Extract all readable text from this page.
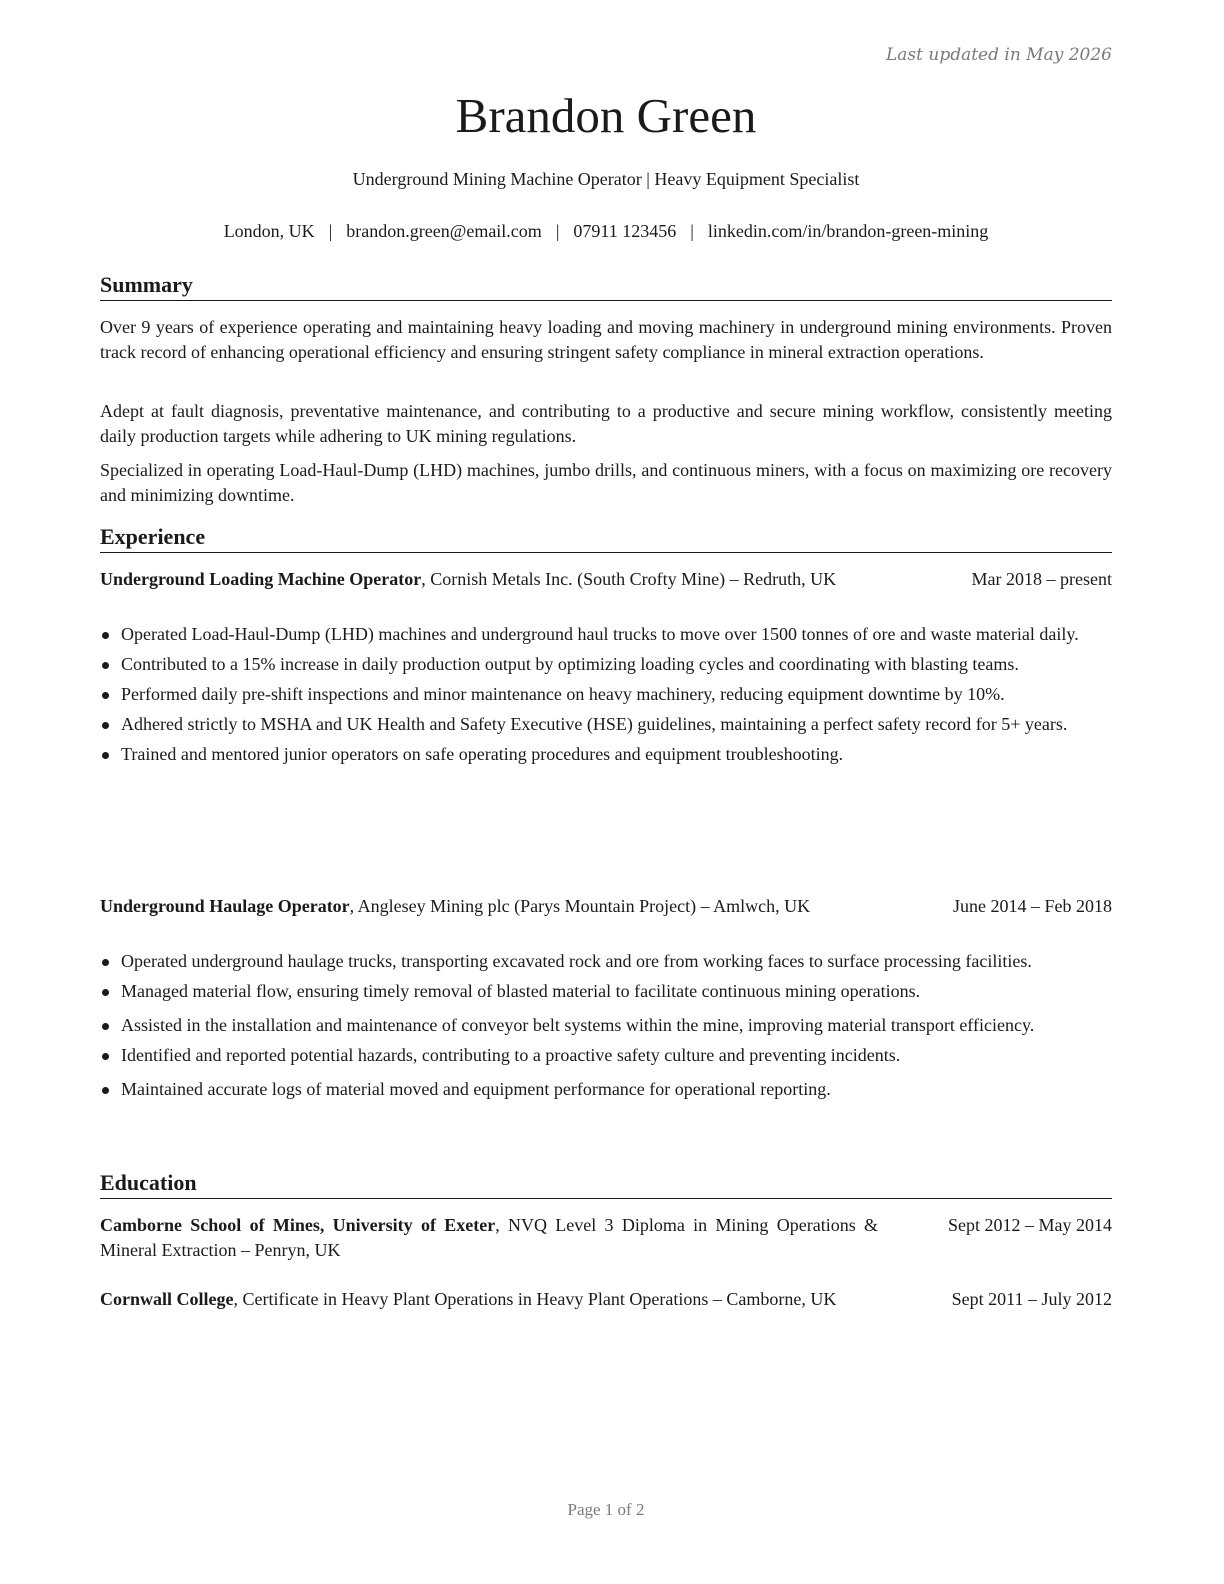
Last updated in May 2026
Brandon Green
Underground Mining Machine Operator | Heavy Equipment Specialist
London, UK | brandon.green@email.com | 07911 123456 | linkedin.com/in/brandon-green-mining
Summary
Over 9 years of experience operating and maintaining heavy loading and moving machinery in underground mining environments. Proven track record of enhancing operational efficiency and ensuring stringent safety compliance in mineral extraction operations.
Adept at fault diagnosis, preventative maintenance, and contributing to a productive and secure mining workflow, consistently meeting daily production targets while adhering to UK mining regulations.
Specialized in operating Load-Haul-Dump (LHD) machines, jumbo drills, and continuous miners, with a focus on maximizing ore recovery and minimizing downtime.
Experience
Underground Loading Machine Operator, Cornish Metals Inc. (South Crofty Mine) – Redruth, UK	Mar 2018 – present
Operated Load-Haul-Dump (LHD) machines and underground haul trucks to move over 1500 tonnes of ore and waste material daily.
Contributed to a 15% increase in daily production output by optimizing loading cycles and coordinating with blasting teams.
Performed daily pre-shift inspections and minor maintenance on heavy machinery, reducing equipment downtime by 10%.
Adhered strictly to MSHA and UK Health and Safety Executive (HSE) guidelines, maintaining a perfect safety record for 5+ years.
Trained and mentored junior operators on safe operating procedures and equipment troubleshooting.
Underground Haulage Operator, Anglesey Mining plc (Parys Mountain Project) – Amlwch, UK	June 2014 – Feb 2018
Operated underground haulage trucks, transporting excavated rock and ore from working faces to surface processing facilities.
Managed material flow, ensuring timely removal of blasted material to facilitate continuous mining operations.
Assisted in the installation and maintenance of conveyor belt systems within the mine, improving material transport efficiency.
Identified and reported potential hazards, contributing to a proactive safety culture and preventing incidents.
Maintained accurate logs of material moved and equipment performance for operational reporting.
Education
Camborne School of Mines, University of Exeter, NVQ Level 3 Diploma in Mining Operations & Mineral Extraction – Penryn, UK
Sept 2012 – May 2014
Cornwall College, Certificate in Heavy Plant Operations in Heavy Plant Operations – Camborne, UK	Sept 2011 – July 2012
Page 1 of 2
